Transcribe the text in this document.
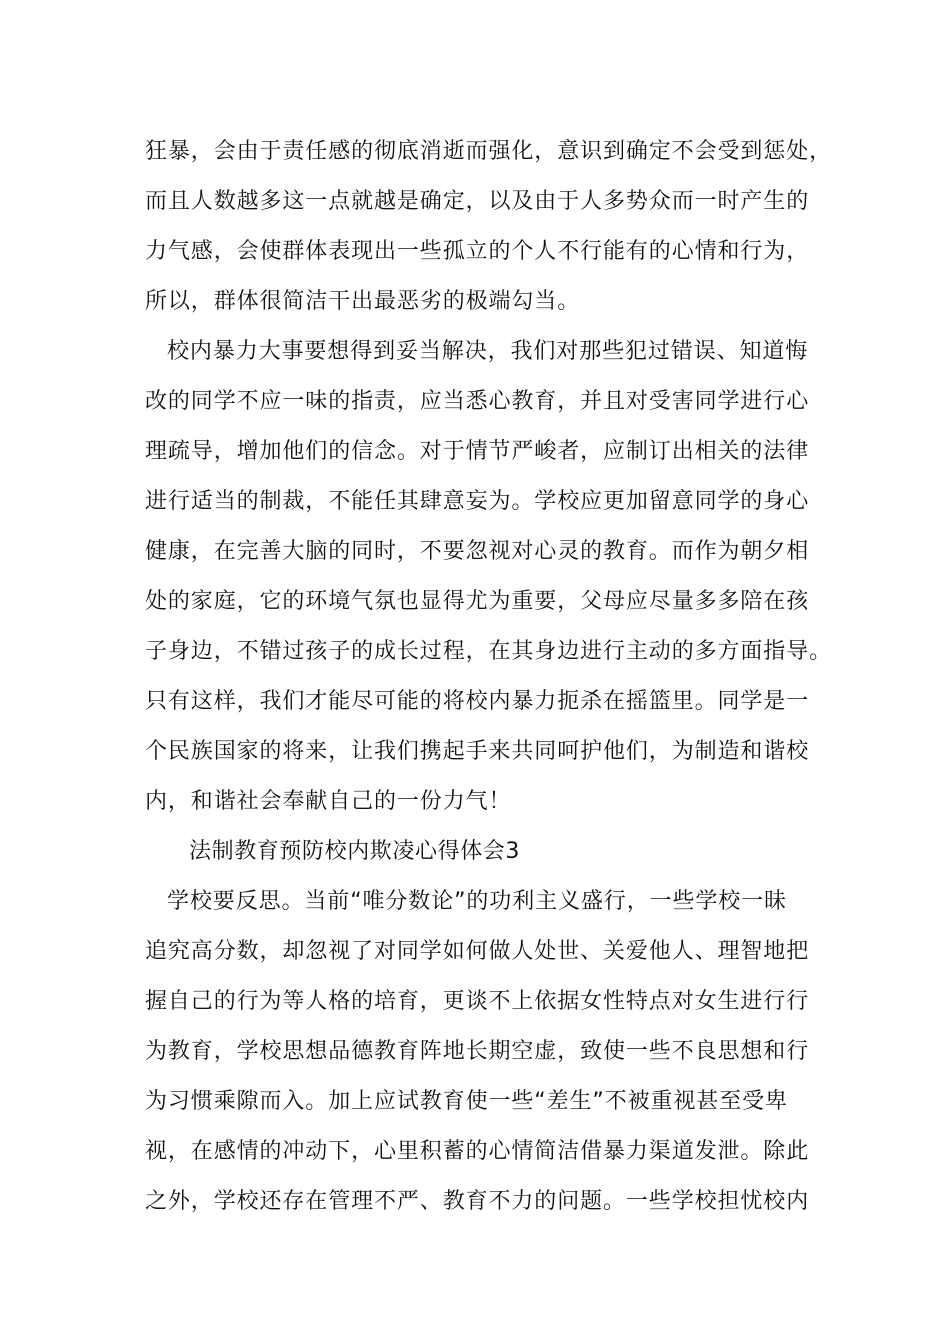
狂暴，会由于责任感的彻底消逝而强化，意识到确定不会受到惩处，
而且人数越多这一点就越是确定，以及由于人多势众而一时产生的
力气感，会使群体表现出一些孤立的个人不行能有的心情和行为，
所以，群体很简洁干出最恶劣的极端勾当。
校内暴力大事要想得到妥当解决，我们对那些犯过错误、知道悔
改的同学不应一味的指责，应当悉心教育，并且对受害同学进行心
理疏导，增加他们的信念。对于情节严峻者，应制订出相关的法律
进行适当的制裁，不能任其肆意妄为。学校应更加留意同学的身心
健康，在完善大脑的同时，不要忽视对心灵的教育。而作为朝夕相
处的家庭，它的环境气氛也显得尤为重要，父母应尽量多多陪在孩
子身边，不错过孩子的成长过程，在其身边进行主动的多方面指导。
只有这样，我们才能尽可能的将校内暴力扼杀在摇篮里。同学是一
个民族国家的将来，让我们携起手来共同呵护他们，为制造和谐校
内，和谐社会奉献自己的一份力气！
法制教育预防校内欺凌心得体会3
学校要反思。当前“唯分数论”的功利主义盛行，一些学校一昧
追究高分数，却忽视了对同学如何做人处世、关爱他人、理智地把
握自己的行为等人格的培育，更谈不上依据女性特点对女生进行行
为教育，学校思想品德教育阵地长期空虚，致使一些不良思想和行
为习惯乘隙而入。加上应试教育使一些“差生”不被重视甚至受卑
视，在感情的冲动下，心里积蓄的心情简洁借暴力渠道发泄。除此
之外，学校还存在管理不严、教育不力的问题。一些学校担忧校内
